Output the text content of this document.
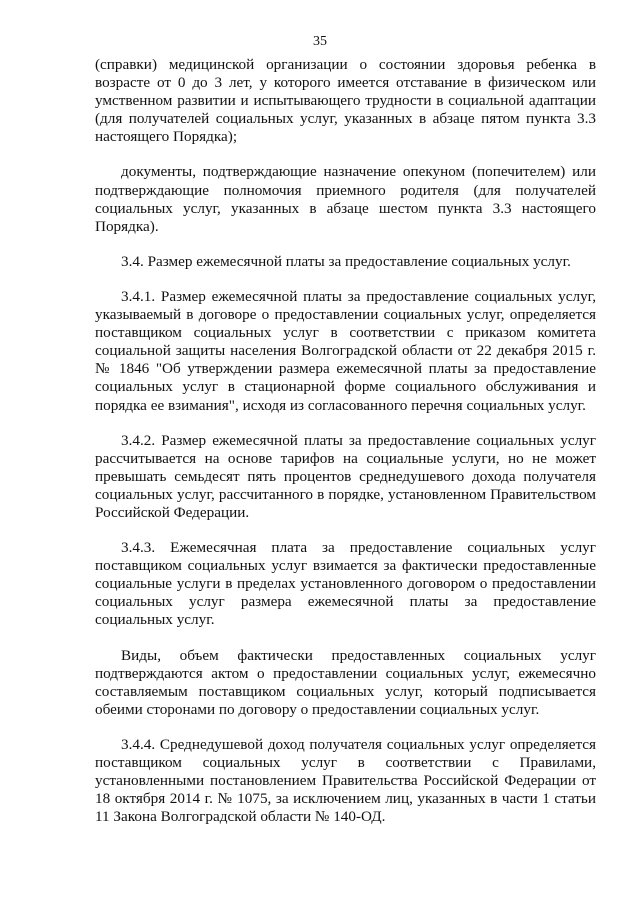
35

(справки) медицинской организации о состоянии здоровья ребенка в возрасте от 0 до 3 лет, у которого имеется отставание в физическом или умственном развитии и испытывающего трудности в социальной адаптации (для получателей социальных услуг, указанных в абзаце пятом пункта 3.3 настоящего Порядка);

документы, подтверждающие назначение опекуном (попечителем) или подтверждающие полномочия приемного родителя (для получателей социальных услуг, указанных в абзаце шестом пункта 3.3 настоящего Порядка).

3.4. Размер ежемесячной платы за предоставление социальных услуг.

3.4.1. Размер ежемесячной платы за предоставление социальных услуг, указываемый в договоре о предоставлении социальных услуг, определяется поставщиком социальных услуг в соответствии с приказом комитета социальной защиты населения Волгоградской области от 22 декабря 2015 г. № 1846 "Об утверждении размера ежемесячной платы за предоставление социальных услуг в стационарной форме социального обслуживания и порядка ее взимания", исходя из согласованного перечня социальных услуг.

3.4.2. Размер ежемесячной платы за предоставление социальных услуг рассчитывается на основе тарифов на социальные услуги, но не может превышать семьдесят пять процентов среднедушевого дохода получателя социальных услуг, рассчитанного в порядке, установленном Правительством Российской Федерации.

3.4.3. Ежемесячная плата за предоставление социальных услуг поставщиком социальных услуг взимается за фактически предоставленные социальные услуги в пределах установленного договором о предоставлении социальных услуг размера ежемесячной платы за предоставление социальных услуг.

Виды, объем фактически предоставленных социальных услуг подтверждаются актом о предоставлении социальных услуг, ежемесячно составляемым поставщиком социальных услуг, который подписывается обеими сторонами по договору о предоставлении социальных услуг.

3.4.4. Среднедушевой доход получателя социальных услуг определяется поставщиком социальных услуг в соответствии с Правилами, установленными постановлением Правительства Российской Федерации от 18 октября 2014 г. № 1075, за исключением лиц, указанных в части 1 статьи 11 Закона Волгоградской области № 140-ОД.
